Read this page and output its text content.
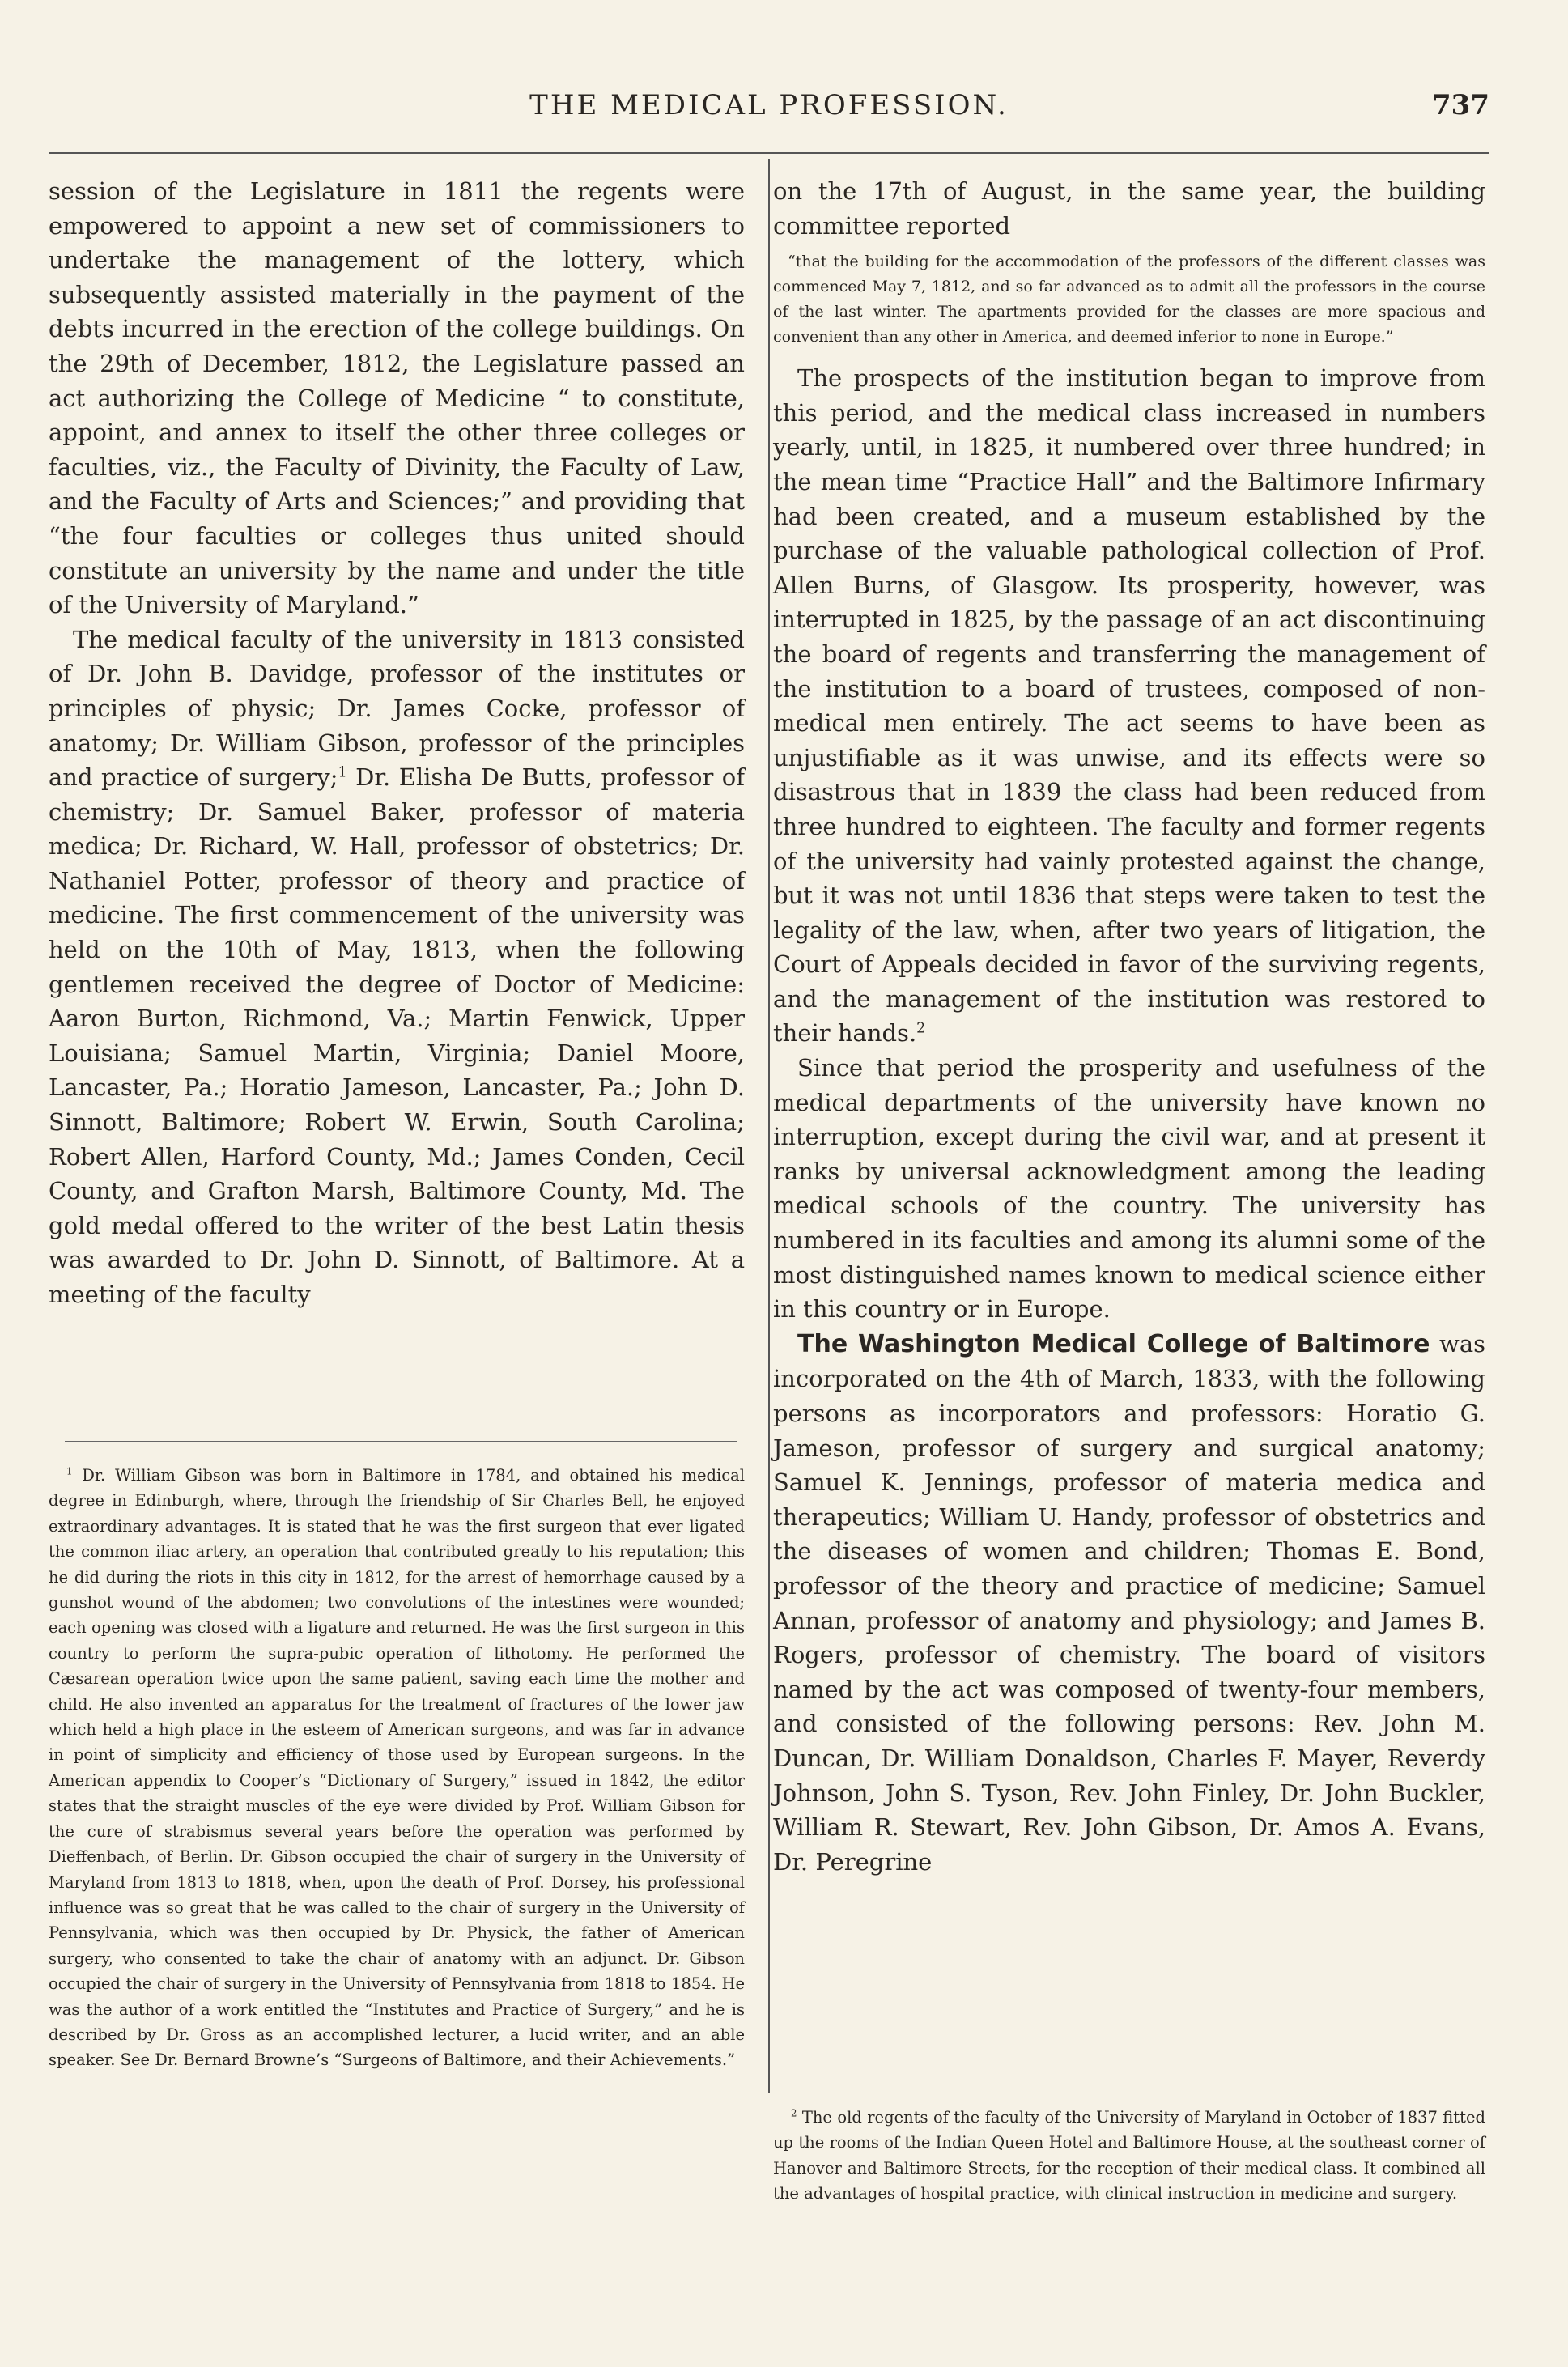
THE MEDICAL PROFESSION.	737

session of the Legislature in 1811 the regents were empowered to appoint a new set of commissioners to undertake the management of the lottery, which subsequently assisted materially in the payment of the debts incurred in the erection of the college buildings. On the 29th of December, 1812, the Legislature passed an act authorizing the College of Medicine “ to constitute, appoint, and annex to itself the other three colleges or faculties, viz., the Faculty of Divinity, the Faculty of Law, and the Faculty of Arts and Sciences;” and providing that “the four faculties or colleges thus united should constitute an university by the name and under the title of the University of Maryland.”

The medical faculty of the university in 1813 consisted of Dr. John B. Davidge, professor of the institutes or principles of physic; Dr. James Cocke, professor of anatomy; Dr. William Gibson, professor of the principles and practice of surgery;$^1$ Dr. Elisha De Butts, professor of chemistry; Dr. Samuel Baker, professor of materia medica; Dr. Richard, W. Hall, professor of obstetrics; Dr. Nathaniel Potter, professor of theory and practice of medicine. The first commencement of the university was held on the 10th of May, 1813, when the following gentlemen received the degree of Doctor of Medicine: Aaron Burton, Richmond, Va.; Martin Fenwick, Upper Louisiana; Samuel Martin, Virginia; Daniel Moore, Lancaster, Pa.; Horatio Jameson, Lancaster, Pa.; John D. Sinnott, Baltimore; Robert W. Erwin, South Carolina; Robert Allen, Harford County, Md.; James Conden, Cecil County, and Grafton Marsh, Baltimore County, Md. The gold medal offered to the writer of the best Latin thesis was awarded to Dr. John D. Sinnott, of Baltimore. At a meeting of the faculty

$^1$ Dr. William Gibson was born in Baltimore in 1784, and obtained his medical degree in Edinburgh, where, through the friendship of Sir Charles Bell, he enjoyed extraordinary advantages. It is stated that he was the first surgeon that ever ligated the common iliac artery, an operation that contributed greatly to his reputation; this he did during the riots in this city in 1812, for the arrest of hemorrhage caused by a gunshot wound of the abdomen; two convolutions of the intestines were wounded; each opening was closed with a ligature and returned. He was the first surgeon in this country to perform the supra-pubic operation of lithotomy. He performed the Cæsarean operation twice upon the same patient, saving each time the mother and child. He also invented an apparatus for the treatment of fractures of the lower jaw which held a high place in the esteem of American surgeons, and was far in advance in point of simplicity and efficiency of those used by European surgeons. In the American appendix to Cooper’s “Dictionary of Surgery,” issued in 1842, the editor states that the straight muscles of the eye were divided by Prof. William Gibson for the cure of strabismus several years before the operation was performed by Dieffenbach, of Berlin. Dr. Gibson occupied the chair of surgery in the University of Maryland from 1813 to 1818, when, upon the death of Prof. Dorsey, his professional influence was so great that he was called to the chair of surgery in the University of Pennsylvania, which was then occupied by Dr. Physick, the father of American surgery, who consented to take the chair of anatomy with an adjunct. Dr. Gibson occupied the chair of surgery in the University of Pennsylvania from 1818 to 1854. He was the author of a work entitled the “Institutes and Practice of Surgery,” and he is described by Dr. Gross as an accomplished lecturer, a lucid writer, and an able speaker. See Dr. Bernard Browne’s “Surgeons of Baltimore, and their Achievements.”

on the 17th of August, in the same year, the building committee reported

“that the building for the accommodation of the professors of the different classes was commenced May 7, 1812, and so far advanced as to admit all the professors in the course of the last winter. The apartments provided for the classes are more spacious and convenient than any other in America, and deemed inferior to none in Europe.”

The prospects of the institution began to improve from this period, and the medical class increased in numbers yearly, until, in 1825, it numbered over three hundred; in the mean time “Practice Hall” and the Baltimore Infirmary had been created, and a museum established by the purchase of the valuable pathological collection of Prof. Allen Burns, of Glasgow. Its prosperity, however, was interrupted in 1825, by the passage of an act discontinuing the board of regents and transferring the management of the institution to a board of trustees, composed of non-medical men entirely. The act seems to have been as unjustifiable as it was unwise, and its effects were so disastrous that in 1839 the class had been reduced from three hundred to eighteen. The faculty and former regents of the university had vainly protested against the change, but it was not until 1836 that steps were taken to test the legality of the law, when, after two years of litigation, the Court of Appeals decided in favor of the surviving regents, and the management of the institution was restored to their hands.$^2$

Since that period the prosperity and usefulness of the medical departments of the university have known no interruption, except during the civil war, and at present it ranks by universal acknowledgment among the leading medical schools of the country. The university has numbered in its faculties and among its alumni some of the most distinguished names known to medical science either in this country or in Europe.

The Washington Medical College of Baltimore was incorporated on the 4th of March, 1833, with the following persons as incorporators and professors: Horatio G. Jameson, professor of surgery and surgical anatomy; Samuel K. Jennings, professor of materia medica and therapeutics; William U. Handy, professor of obstetrics and the diseases of women and children; Thomas E. Bond, professor of the theory and practice of medicine; Samuel Annan, professor of anatomy and physiology; and James B. Rogers, professor of chemistry. The board of visitors named by the act was composed of twenty-four members, and consisted of the following persons: Rev. John M. Duncan, Dr. William Donaldson, Charles F. Mayer, Reverdy Johnson, John S. Tyson, Rev. John Finley, Dr. John Buckler, William R. Stewart, Rev. John Gibson, Dr. Amos A. Evans, Dr. Peregrine

$^2$ The old regents of the faculty of the University of Maryland in October of 1837 fitted up the rooms of the Indian Queen Hotel and Baltimore House, at the southeast corner of Hanover and Baltimore Streets, for the reception of their medical class. It combined all the advantages of hospital practice, with clinical instruction in medicine and surgery.
